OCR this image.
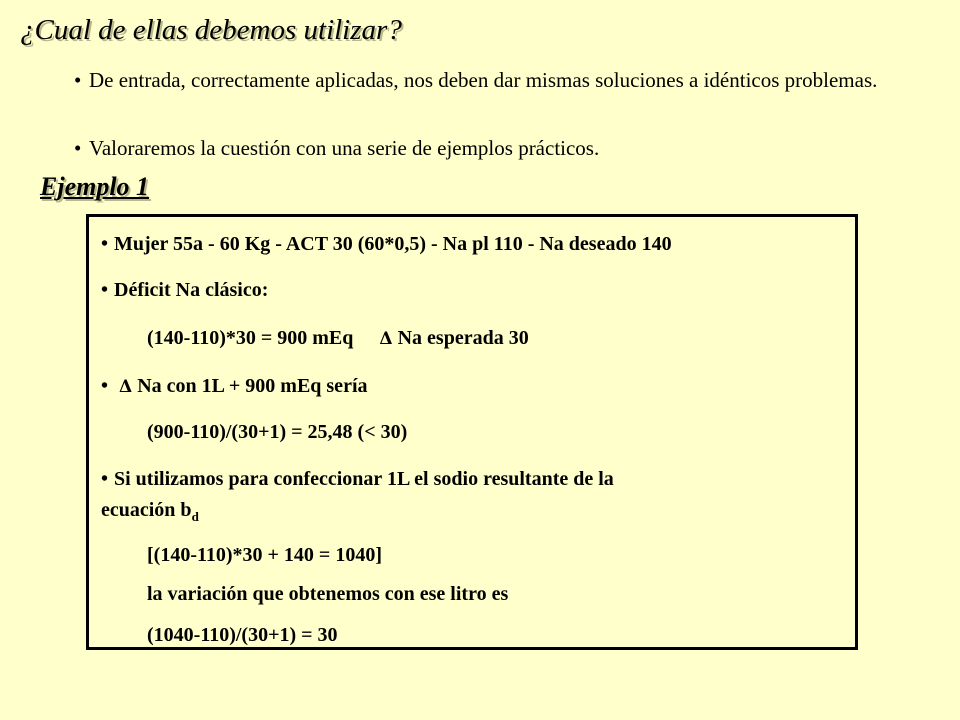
¿Cual de ellas debemos utilizar?
• De entrada, correctamente aplicadas, nos deben dar mismas soluciones a idénticos problemas.
• Valoraremos la cuestión con una serie de ejemplos prácticos.
Ejemplo 1
• Mujer 55a - 60 Kg - ACT 30 (60*0,5) - Na pl 110 - Na deseado 140
• Déficit Na clásico:
(140-110)*30 = 900 mEq Δ Na esperada 30
• Δ Na con 1L + 900 mEq sería
(900-110)/(30+1) = 25,48 (< 30)
• Si utilizamos para confeccionar 1L el sodio resultante de la
ecuación $b_d$
[(140-110)*30 + 140 = 1040]
la variación que obtenemos con ese litro es
(1040-110)/(30+1) = 30
